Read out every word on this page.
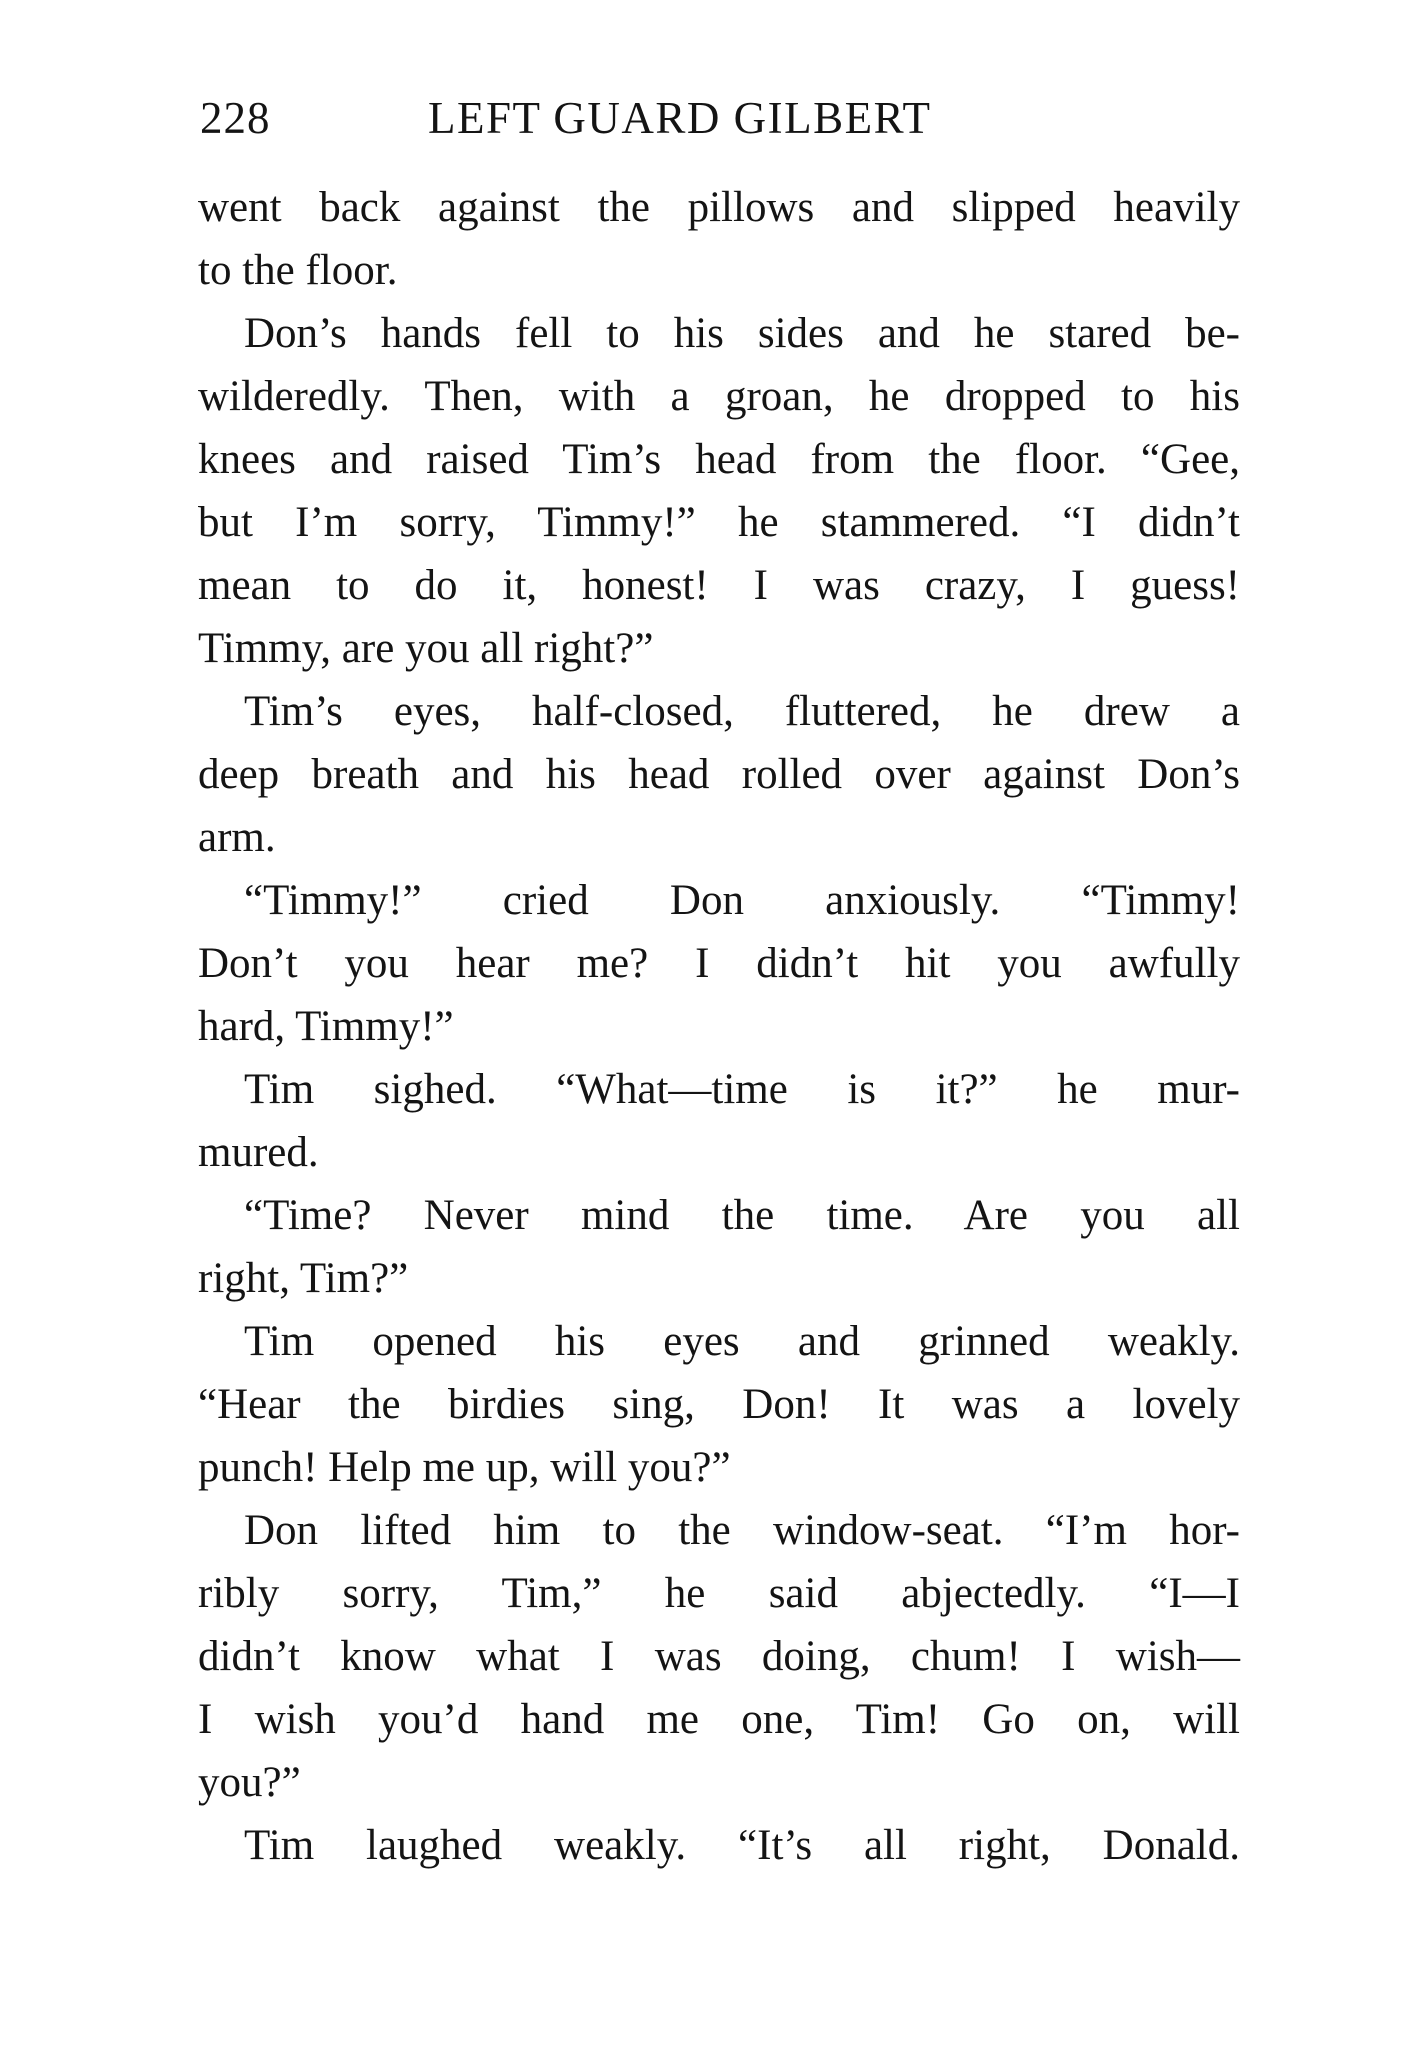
228	LEFT GUARD GILBERT
went back against the pillows and slipped heavily
to the floor.
Don’s hands fell to his sides and he stared be-
wilderedly. Then, with a groan, he dropped to his
knees and raised Tim’s head from the floor. “Gee,
but I’m sorry, Timmy!” he stammered. “I didn’t
mean to do it, honest! I was crazy, I guess!
Timmy, are you all right?”
Tim’s eyes, half-closed, fluttered, he drew a
deep breath and his head rolled over against Don’s
arm.
“Timmy!” cried Don anxiously. “Timmy!
Don’t you hear me? I didn’t hit you awfully
hard, Timmy!”
Tim sighed. “What—time is it?” he mur-
mured.
“Time? Never mind the time. Are you all
right, Tim?”
Tim opened his eyes and grinned weakly.
“Hear the birdies sing, Don! It was a lovely
punch! Help me up, will you?”
Don lifted him to the window-seat. “I’m hor-
ribly sorry, Tim,” he said abjectedly. “I—I
didn’t know what I was doing, chum! I wish—
I wish you’d hand me one, Tim! Go on, will
you?”
Tim laughed weakly. “It’s all right, Donald.
